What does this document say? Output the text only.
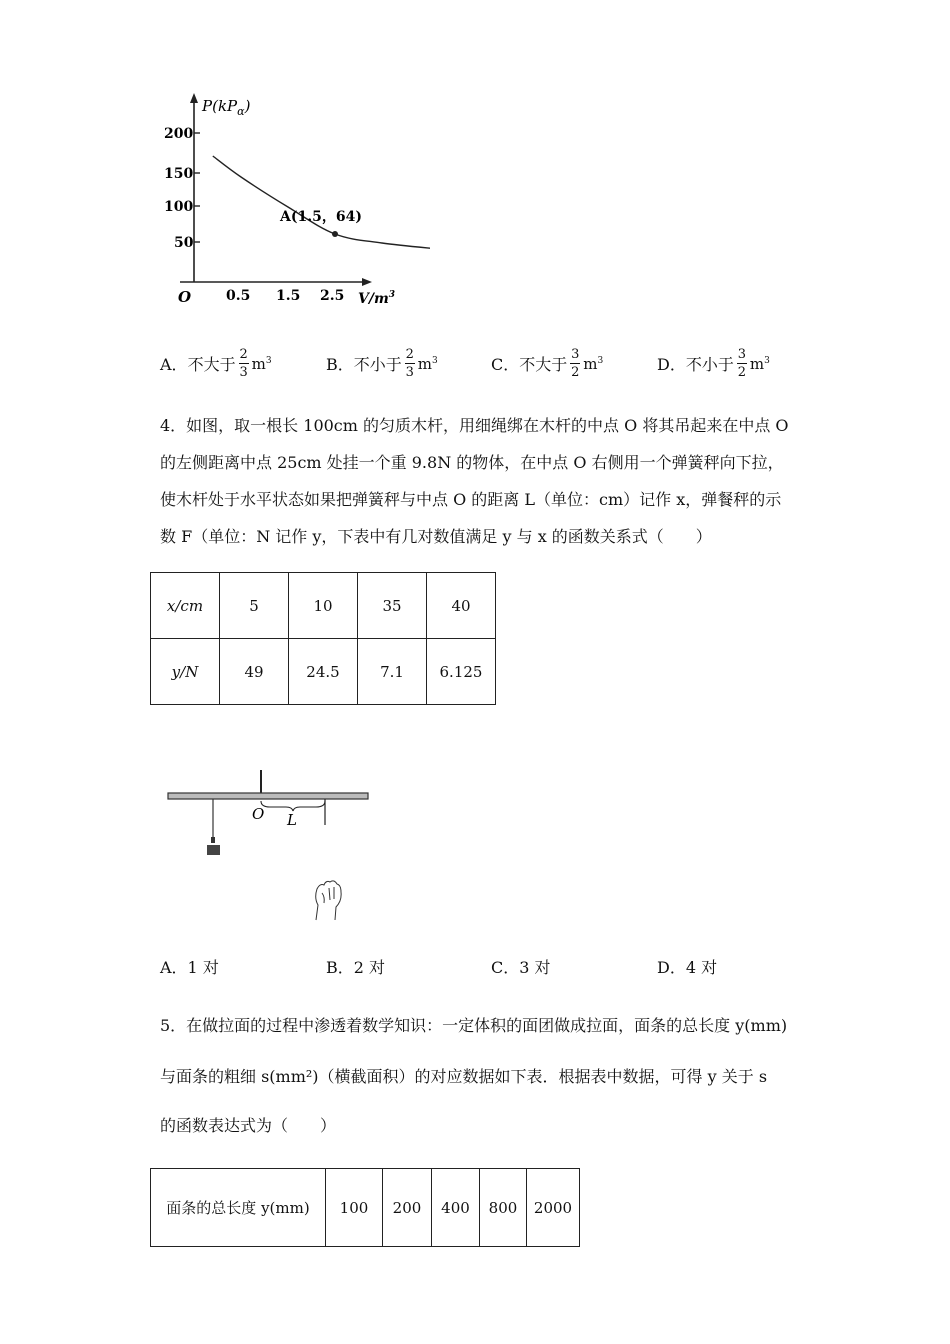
200
150
100
50
O 0.5 1.5 2.5
$P(kP_\alpha)$
$V/m^3$
A(1.5，64)
A． 不大于 $\frac{2}{3} m^3$	B． 不小于 $\frac{2}{3} m^3$	C． 不大于 $\frac{3}{2} m^3$	D． 不小于 $\frac{3}{2} m^3$
4．如图，取一根长 100cm 的匀质木杆，用细绳绑在木杆的中点 O 将其吊起来在中点 O
的左侧距离中点 25cm 处挂一个重 9.8N 的物体，在中点 O 右侧用一个弹簧秤向下拉，
使木杆处于水平状态如果把弹簧秤与中点 O 的距离 L（单位：cm）记作 x，弹餐秤的示
数 F（单位：N 记作 y，下表中有几对数值满足 y 与 x 的函数关系式（　　）
x/cm	5	10	35	40
y/N	49	24.5	7.1	6.125
O L
A．1 对	B．2 对	C．3 对	D．4 对
5．在做拉面的过程中渗透着数学知识：一定体积的面团做成拉面，面条的总长度 y(mm)
与面条的粗细 s(mm²)（横截面积）的对应数据如下表．根据表中数据，可得 y 关于 s
的函数表达式为（　　）
面条的总长度 y(mm)	100	200	400	800	2000
